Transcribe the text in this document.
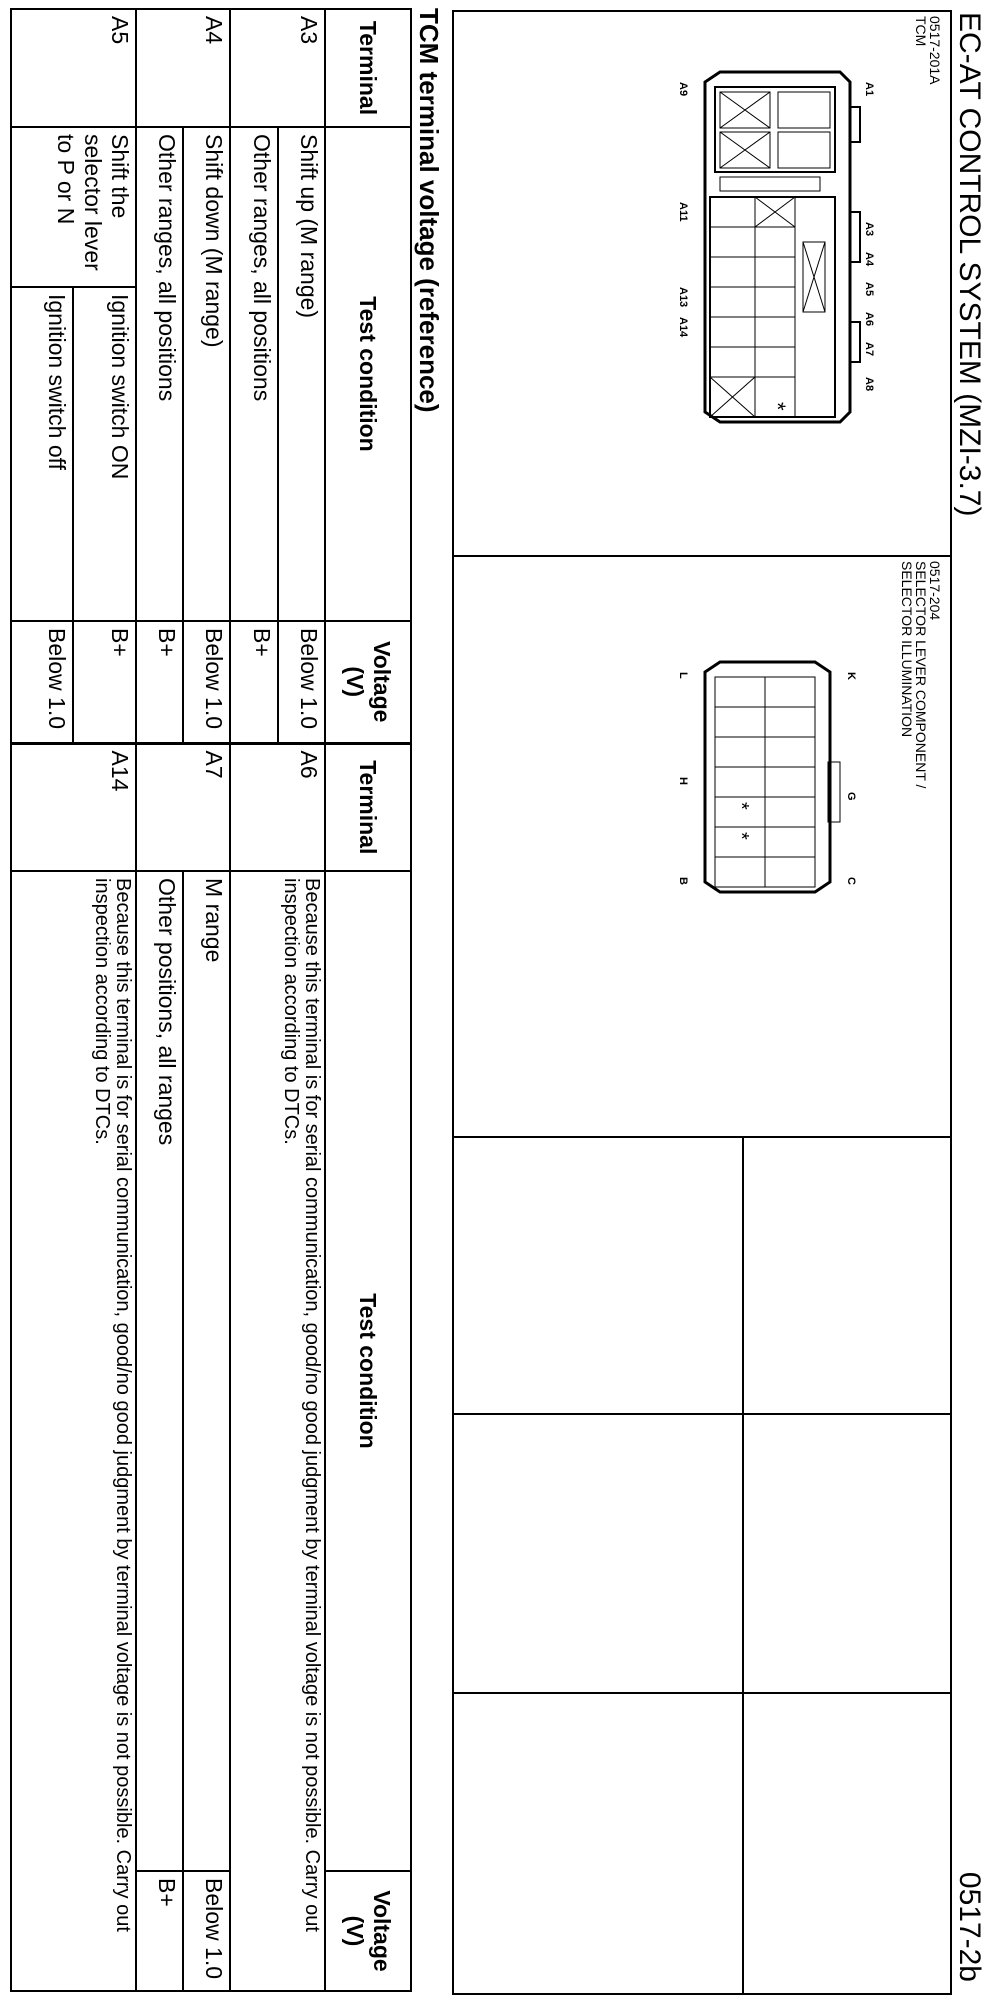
EC-AT CONTROL SYSTEM (MZI-3.7)
0517-2b
0517-201A
TCM
0517-204
SELECTOR LEVER COMPONENT /
SELECTOR ILLUMINATION
*
A1
A3
A4
A5
A6
A7
A8
A9
A11
A13
A14
*
*
K
G
C
L
H
B
TCM terminal voltage (reference)
Terminal	Test condition		Voltage (V)	Terminal	Test condition	Voltage (V)
A3	Shift up (M range)		Below 1.0	A6	Because this terminal is for serial communication, good/no good judgment by terminal voltage is not possible. Carry out inspection according to DTCs.	
	Other ranges, all positions		B+			
A4	Shift down (M range)		Below 1.0	A7	M range	Below 1.0
	Other ranges, all positions		B+		Other positions, all ranges	B+
A5	Shift the selector lever to P or N	Ignition switch ON	B+	A14	Because this terminal is for serial communication, good/no good judgment by terminal voltage is not possible. Carry out inspection according to DTCs.	
		Ignition switch off	Below 1.0			
